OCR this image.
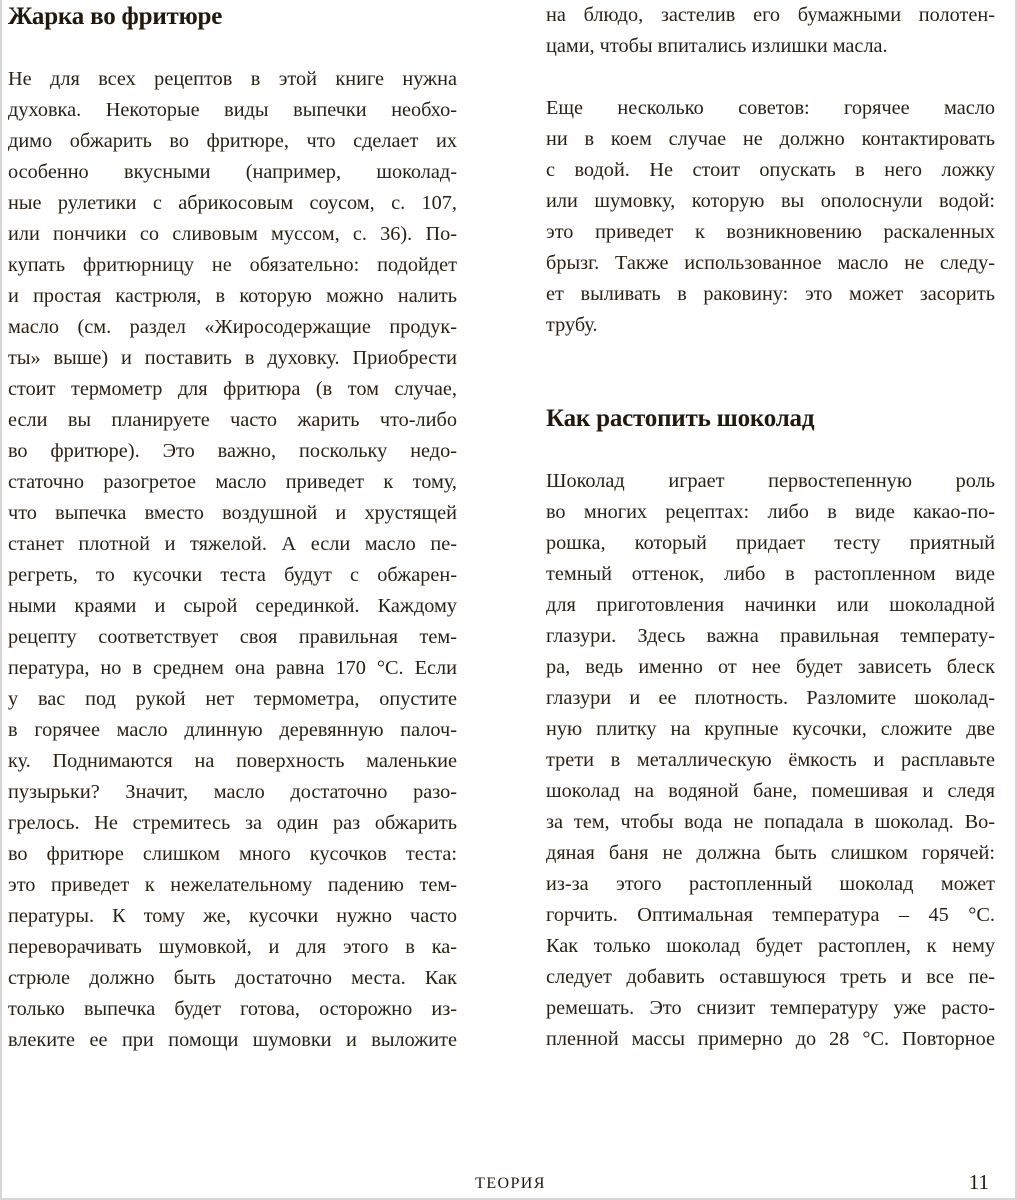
Жарка во фритюре
Не для всех рецептов в этой книге нужна
духовка. Некоторые виды выпечки необхо-
димо обжарить во фритюре, что сделает их
особенно вкусными (например, шоколад-
ные рулетики с абрикосовым соусом, с. 107,
или пончики со сливовым муссом, с. 36). По-
купать фритюрницу не обязательно: подойдет
и простая кастрюля, в которую можно налить
масло (см. раздел «Жиросодержащие продук-
ты» выше) и поставить в духовку. Приобрести
стоит термометр для фритюра (в том случае,
если вы планируете часто жарить что-либо
во фритюре). Это важно, поскольку недо-
статочно разогретое масло приведет к тому,
что выпечка вместо воздушной и хрустящей
станет плотной и тяжелой. А если масло пе-
регреть, то кусочки теста будут с обжарен-
ными краями и сырой серединкой. Каждому
рецепту соответствует своя правильная тем-
пература, но в среднем она равна 170 °С. Если
у вас под рукой нет термометра, опустите
в горячее масло длинную деревянную палоч-
ку. Поднимаются на поверхность маленькие
пузырьки? Значит, масло достаточно разо-
грелось. Не стремитесь за один раз обжарить
во фритюре слишком много кусочков теста:
это приведет к нежелательному падению тем-
пературы. К тому же, кусочки нужно часто
переворачивать шумовкой, и для этого в ка-
стрюле должно быть достаточно места. Как
только выпечка будет готова, осторожно из-
влеките ее при помощи шумовки и выложите
на блюдо, застелив его бумажными полотен-
цами, чтобы впитались излишки масла.
Еще несколько советов: горячее масло
ни в коем случае не должно контактировать
с водой. Не стоит опускать в него ложку
или шумовку, которую вы ополоснули водой:
это приведет к возникновению раскаленных
брызг. Также использованное масло не следу-
ет выливать в раковину: это может засорить
трубу.
Как растопить шоколад
Шоколад играет первостепенную роль
во многих рецептах: либо в виде какао-по-
рошка, который придает тесту приятный
темный оттенок, либо в растопленном виде
для приготовления начинки или шоколадной
глазури. Здесь важна правильная температу-
ра, ведь именно от нее будет зависеть блеск
глазури и ее плотность. Разломите шоколад-
ную плитку на крупные кусочки, сложите две
трети в металлическую ёмкость и расплавьте
шоколад на водяной бане, помешивая и следя
за тем, чтобы вода не попадала в шоколад. Во-
дяная баня не должна быть слишком горячей:
из-за этого растопленный шоколад может
горчить. Оптимальная температура – 45 °С.
Как только шоколад будет растоплен, к нему
следует добавить оставшуюся треть и все пе-
ремешать. Это снизит температуру уже расто-
пленной массы примерно до 28 °С. Повторное
ТЕОРИЯ	11
